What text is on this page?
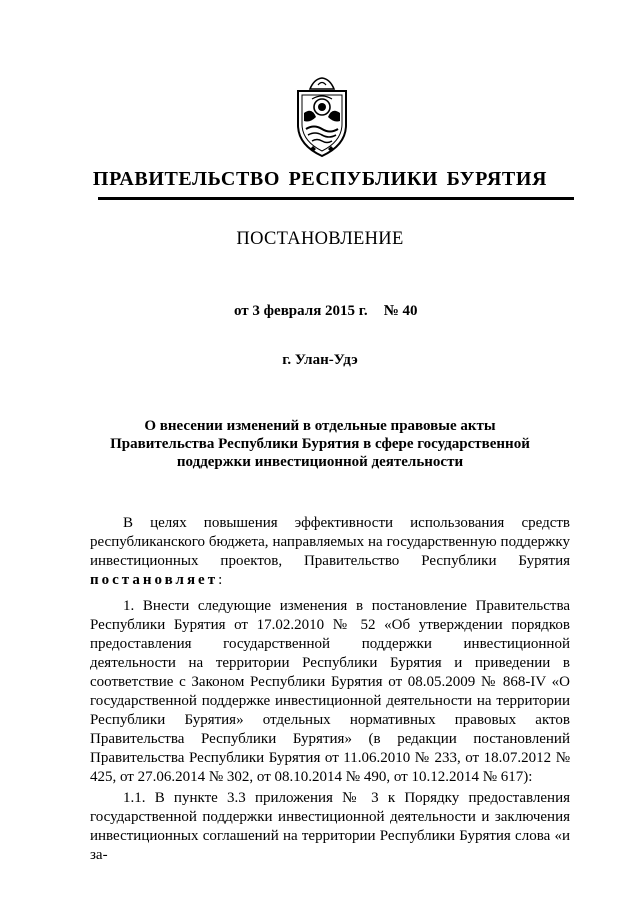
ПРАВИТЕЛЬСТВО РЕСПУБЛИКИ БУРЯТИЯ
ПОСТАНОВЛЕНИЕ
от 3 февраля 2015 г. № 40
г. Улан-Удэ
О внесении изменений в отдельные правовые акты
Правительства Республики Бурятия в сфере государственной
поддержки инвестиционной деятельности
В целях повышения эффективности использования средств республиканского бюджета, направляемых на государственную поддержку инвестиционных проектов, Правительство Республики Бурятия постановляет:
1. Внести следующие изменения в постановление Правительства Республики Бурятия от 17.02.2010 № 52 «Об утверждении порядков предоставления государственной поддержки инвестиционной деятельности на территории Республики Бурятия и приведении в соответствие с Законом Республики Бурятия от 08.05.2009 № 868-IV «О государственной поддержке инвестиционной деятельности на территории Республики Бурятия» отдельных нормативных правовых актов Правительства Республики Бурятия» (в редакции постановлений Правительства Республики Бурятия от 11.06.2010 № 233, от 18.07.2012 № 425, от 27.06.2014 № 302, от 08.10.2014 № 490, от 10.12.2014 № 617):
1.1. В пункте 3.3 приложения № 3 к Порядку предоставления государственной поддержки инвестиционной деятельности и заключения инвестиционных соглашений на территории Республики Бурятия слова «и за-
